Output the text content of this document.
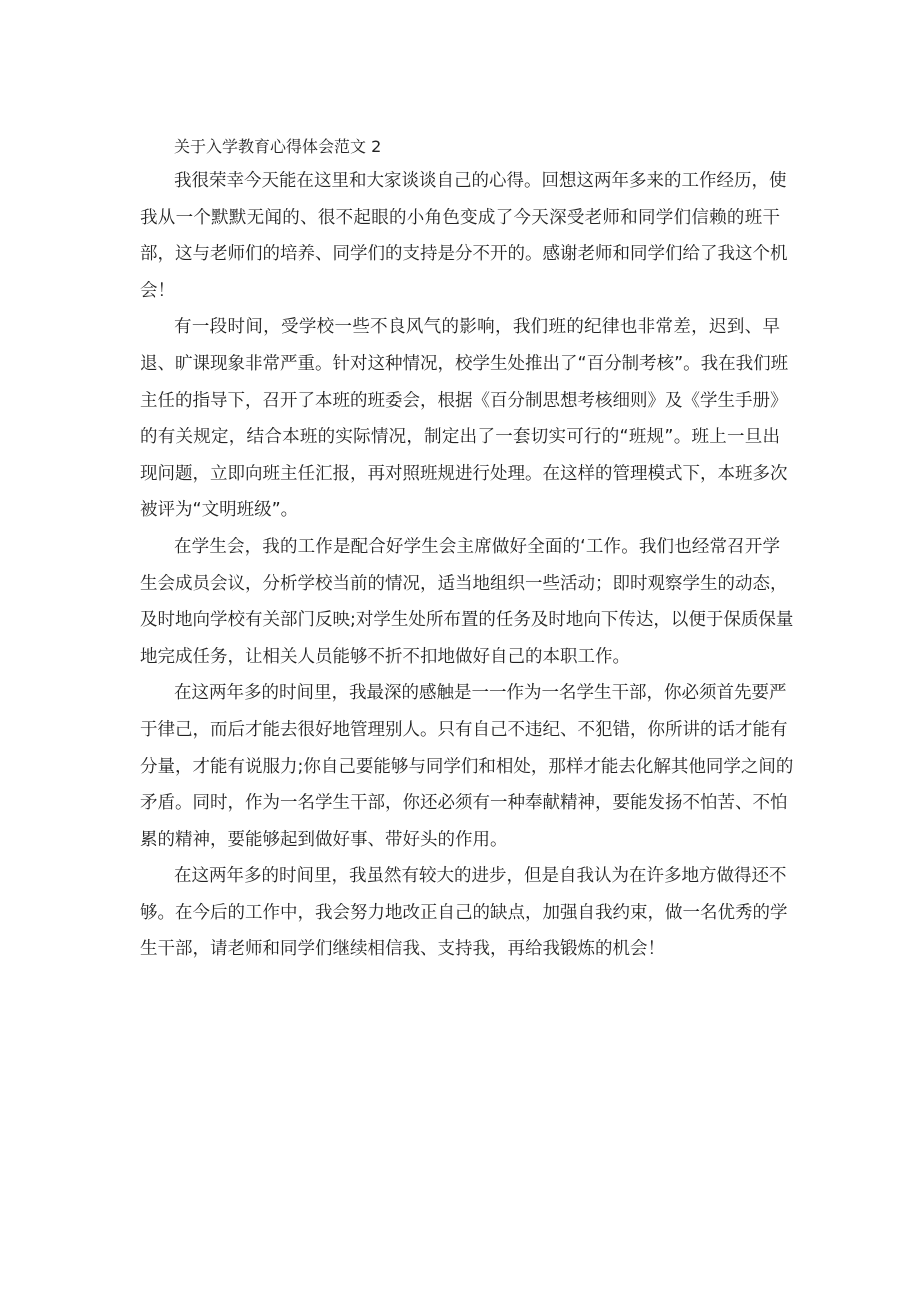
关于入学教育心得体会范文 2
我很荣幸今天能在这里和大家谈谈自己的心得。回想这两年多来的工作经历，使
我从一个默默无闻的、很不起眼的小角色变成了今天深受老师和同学们信赖的班干
部，这与老师们的培养、同学们的支持是分不开的。感谢老师和同学们给了我这个机
会！
有一段时间，受学校一些不良风气的影响，我们班的纪律也非常差，迟到、早
退、旷课现象非常严重。针对这种情况，校学生处推出了“百分制考核”。我在我们班
主任的指导下，召开了本班的班委会，根据《百分制思想考核细则》及《学生手册》
的有关规定，结合本班的实际情况，制定出了一套切实可行的“班规”。班上一旦出
现问题，立即向班主任汇报，再对照班规进行处理。在这样的管理模式下，本班多次
被评为“文明班级”。
在学生会，我的工作是配合好学生会主席做好全面的‘工作。我们也经常召开学
生会成员会议，分析学校当前的情况，适当地组织一些活动；即时观察学生的动态，
及时地向学校有关部门反映;对学生处所布置的任务及时地向下传达，以便于保质保量
地完成任务，让相关人员能够不折不扣地做好自己的本职工作。
在这两年多的时间里，我最深的感触是一一作为一名学生干部，你必须首先要严
于律己，而后才能去很好地管理别人。只有自己不违纪、不犯错，你所讲的话才能有
分量，才能有说服力;你自己要能够与同学们和相处，那样才能去化解其他同学之间的
矛盾。同时，作为一名学生干部，你还必须有一种奉献精神，要能发扬不怕苦、不怕
累的精神，要能够起到做好事、带好头的作用。
在这两年多的时间里，我虽然有较大的进步，但是自我认为在许多地方做得还不
够。在今后的工作中，我会努力地改正自己的缺点，加强自我约束，做一名优秀的学
生干部，请老师和同学们继续相信我、支持我，再给我锻炼的机会！
